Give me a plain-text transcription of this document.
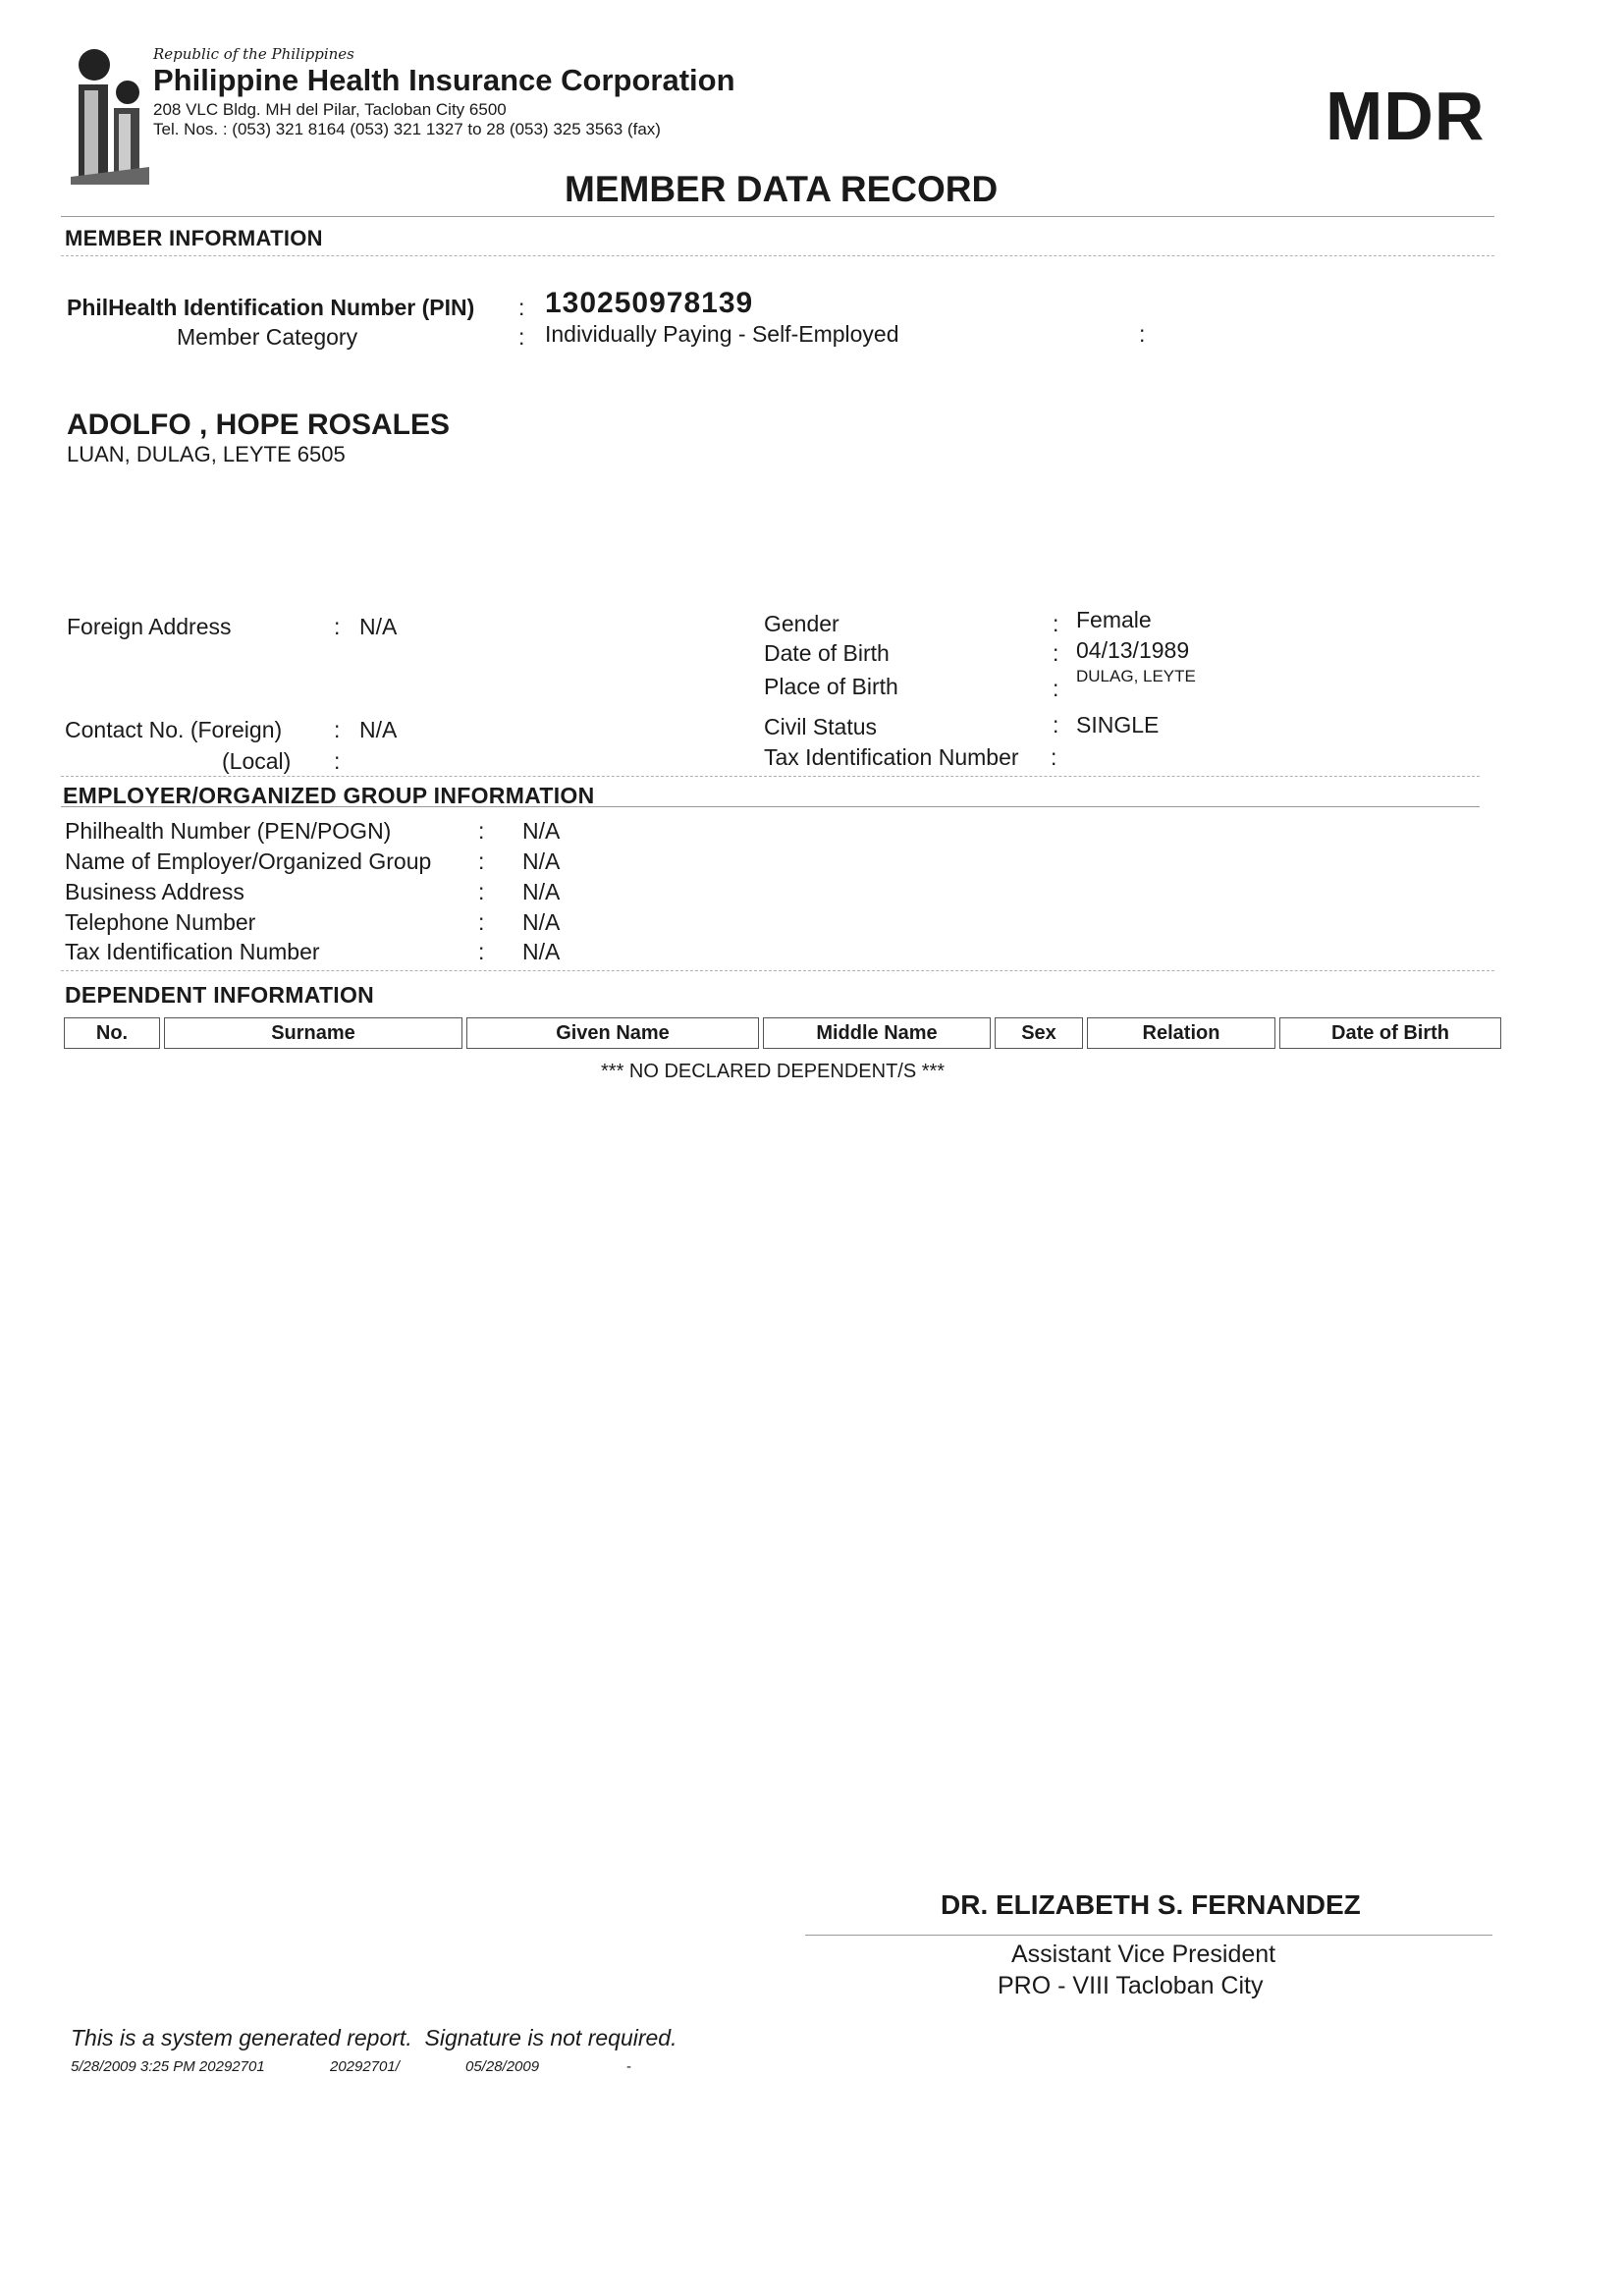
Republic of the Philippines
Philippine Health Insurance Corporation
208 VLC Bldg. MH del Pilar, Tacloban City 6500
Tel. Nos. : (053) 321 8164 (053) 321 1327 to 28 (053) 325 3563 (fax)	MDR
MEMBER DATA RECORD
MEMBER INFORMATION
PhilHealth Identification Number (PIN) : 130250978139
Member Category	: Individually Paying - Self-Employed	:
ADOLFO , HOPE ROSALES
LUAN, DULAG, LEYTE 6505
Foreign Address	: N/A
Contact No. (Foreign) : N/A
(Local) :
Gender	: Female
Date of Birth	: 04/13/1989
Place of Birth	: DULAG, LEYTE
Civil Status	: SINGLE
Tax Identification Number :
EMPLOYER/ORGANIZED GROUP INFORMATION
Philhealth Number (PEN/POGN)	: N/A
Name of Employer/Organized Group : N/A
Business Address	: N/A
Telephone Number	: N/A
Tax Identification Number	: N/A
DEPENDENT INFORMATION
No.	Surname	Given Name	Middle Name	Sex	Relation	Date of Birth
*** NO DECLARED DEPENDENT/S ***
DR. ELIZABETH S. FERNANDEZ
Assistant Vice President
PRO - VIII Tacloban City
This is a system generated report.  Signature is not required.
5/28/2009 3:25 PM 20292701	20292701/	05/28/2009	-
